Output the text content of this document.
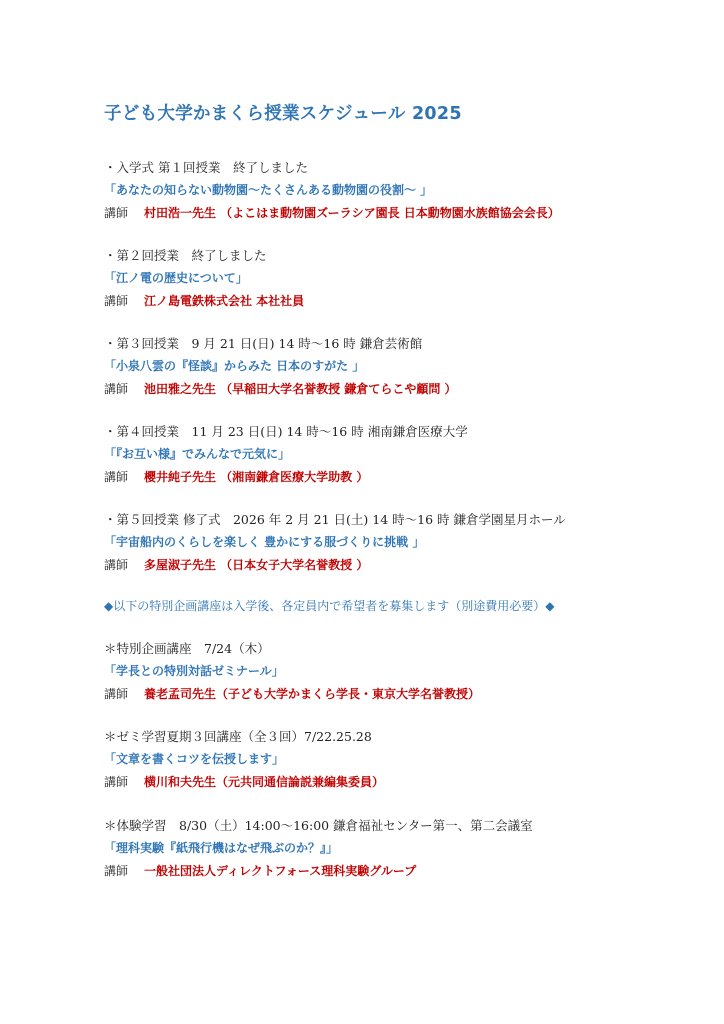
子ども大学かまくら授業スケジュール 2025
・入学式 第１回授業　終了しました
「あなたの知らない動物園～たくさんある動物園の役割～ 」
講師 村田浩一先生 （よこはま動物園ズーラシア園長 日本動物園水族館協会会長）
・第２回授業　終了しました
「江ノ電の歴史について」
講師 江ノ島電鉄株式会社 本社社員
・第３回授業　9 月 21 日(日) 14 時～16 時 鎌倉芸術館
「小泉八雲の『怪談』からみた 日本のすがた 」
講師 池田雅之先生 （早稲田大学名誉教授 鎌倉てらこや顧問 ）
・第４回授業　11 月 23 日(日) 14 時～16 時 湘南鎌倉医療大学
「『お互い様』でみんなで元気に」
講師 櫻井純子先生 （湘南鎌倉医療大学助教 ）
・第５回授業 修了式　2026 年 2 月 21 日(土) 14 時～16 時 鎌倉学園星月ホール
「宇宙船内のくらしを楽しく 豊かにする服づくりに挑戦 」
講師 多屋淑子先生 （日本女子大学名誉教授 ）
◆以下の特別企画講座は入学後、各定員内で希望者を募集します（別途費用必要）◆
＊特別企画講座　7/24（木）
「学長との特別対話ゼミナール」
講師 養老孟司先生（子ども大学かまくら学長・東京大学名誉教授）
＊ゼミ学習夏期３回講座（全３回）7/22.25.28
「文章を書くコツを伝授します」
講師 横川和夫先生（元共同通信論説兼編集委員）
＊体験学習　8/30（土）14:00～16:00 鎌倉福祉センター第一、第二会議室
「理科実験『紙飛行機はなぜ飛ぶのか？』」
講師 一般社団法人ディレクトフォース理科実験グループ
